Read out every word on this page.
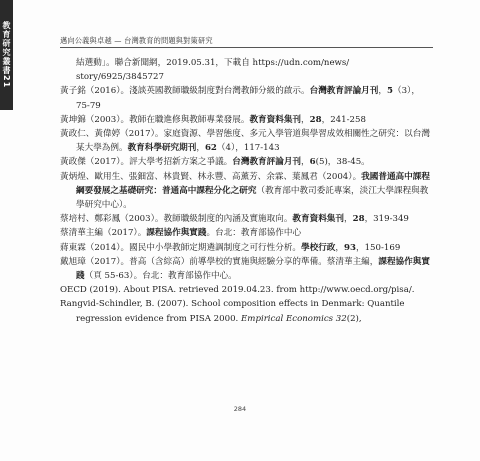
教育研究叢書21	邁向公義與卓越 — 台灣教育的問題與對策研究

結選動」。聯合新聞網，2019.05.31，下載自 https://udn.com/news/

story/6925/3845727

黃子銘（2016）。淺談英國教師職級制度對台灣教師分級的啟示。台灣教育評論月刊，5（3），75-79

黃坤錦（2003）。教師在職進修與教師專業發展。教育資料集刊，28，241-258

黃政仁、黃偉婷（2017）。家庭資源、學習態度、多元入學管道與學習成效相關性之研究：以台灣某大學為例。教育科學研究期刊，62（4），117-143

黃政傑（2017）。評大學考招新方案之爭議。台灣教育評論月刊，6(5)，38-45。

黃炳煌、歐用生、張鈿富、林貴賢、林永豐、高薰芳、余霖、葉鳳君（2004）。我國普通高中課程綱要發展之基礎研究：普通高中課程分化之研究（教育部中教司委託專案，淡江大學課程與教學研究中心）。

蔡培村、鄭彩鳳（2003）。教師職級制度的內涵及實施取向。教育資料集刊，28，319-349

蔡清華主編（2017）。課程協作與實踐。台北：教育部協作中心

蔣東霖（2014）。國民中小學教師定期遴調制度之可行性分析。學校行政，93，150-169

戴旭璋（2017）。普高（含綜高）前導學校的實施與經驗分享的準備。蔡清華主編，課程協作與實踐（頁 55-63）。台北：教育部協作中心。

OECD (2019). About PISA. retrieved 2019.04.23. from http://www.oecd.org/pisa/.

Rangvid-Schindler, B. (2007). School composition effects in Denmark: Quantile regression evidence from PISA 2000. Empirical Economics 32(2),

284
